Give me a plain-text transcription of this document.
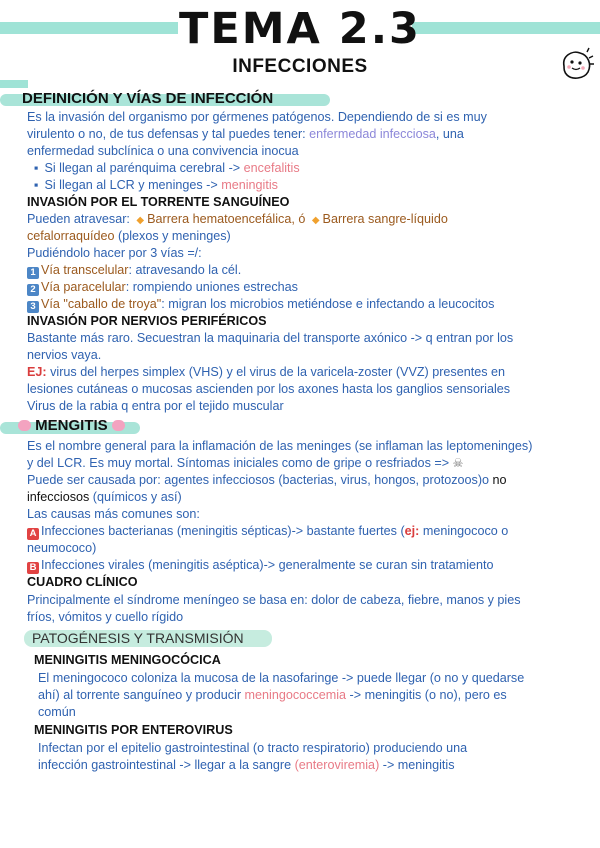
TEMA 2.3
INFECCIONES
DEFINICIÓN Y VÍAS DE INFECCIÓN
Es la invasión del organismo por gérmenes patógenos. Dependiendo de si es muy
virulento o no, de tus defensas y tal puedes tener: enfermedad infecciosa, una
enfermedad subclínica o una convivencia inocua
▪ Si llegan al parénquima cerebral -> encefalitis
▪ Si llegan al LCR y meninges -> meningitis
INVASIÓN POR EL TORRENTE SANGUÍNEO
Pueden atravesar: ◆ Barrera hematoencefálica, ó ◆ Barrera sangre-líquido
cefalorraquídeo (plexos y meninges)
Pudiéndolo hacer por 3 vías =/:
1 Vía transcelular: atravesando la cél.
2 Vía paracelular: rompiendo uniones estrechas
3 Vía "caballo de troya": migran los microbios metiéndose e infectando a leucocitos
INVASIÓN POR NERVIOS PERIFÉRICOS
Bastante más raro. Secuestran la maquinaria del transporte axónico -> q entran por los
nervios vaya.
EJ: virus del herpes simplex (VHS) y el virus de la varicela-zoster (VVZ) presentes en
lesiones cutáneas o mucosas ascienden por los axones hasta los ganglios sensoriales
Virus de la rabia q entra por el tejido muscular
MENGITIS
Es el nombre general para la inflamación de las meninges (se inflaman las leptomeninges)
y del LCR. Es muy mortal. Síntomas iniciales como de gripe o resfriados => ☠
Puede ser causada por: agentes infecciosos (bacterias, virus, hongos, protozoos)o no
infecciosos (químicos y así)
Las causas más comunes son:
A Infecciones bacterianas (meningitis sépticas)-> bastante fuertes (ej: meningococo o
neumococo)
B Infecciones virales (meningitis aséptica)-> generalmente se curan sin tratamiento
CUADRO CLÍNICO
Principalmente el síndrome meníngeo se basa en: dolor de cabeza, fiebre, manos y pies
fríos, vómitos y cuello rígido
PATOGÉNESIS Y TRANSMISIÓN
MENINGITIS MENINGOCÓCICA
El meningococo coloniza la mucosa de la nasofaringe -> puede llegar (o no y quedarse
ahí) al torrente sanguíneo y producir meningococcemia -> meningitis (o no), pero es
común
MENINGITIS POR ENTEROVIRUS
Infectan por el epitelio gastrointestinal (o tracto respiratorio) produciendo una
infección gastrointestinal -> llegar a la sangre (enteroviremia) -> meningitis
